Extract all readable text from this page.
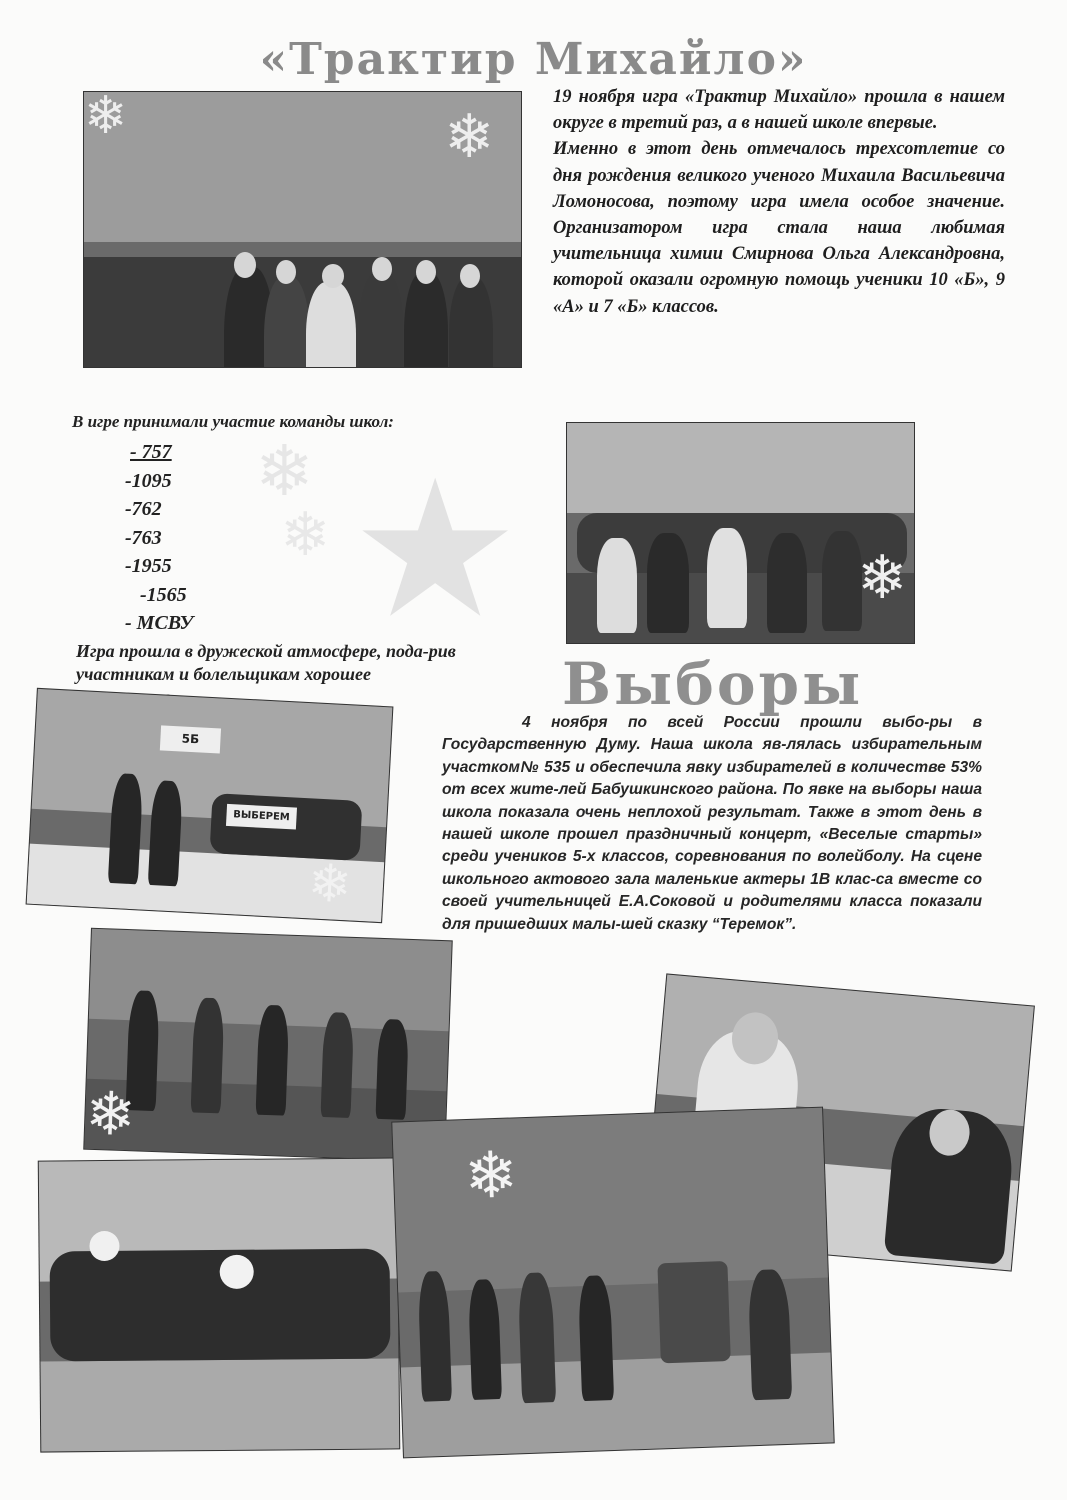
«Трактир Михайло»
❄	❄

19 ноября игра «Трактир Михайло» прошла в нашем округе в третий раз, а в нашей школе впервые.

Именно в этот день отмечалось трехсотлетие со дня рождения великого ученого Михаила Васильевича Ломоносова, поэтому игра имела особое значение. Организатором игра стала наша любимая учительница химии Смирнова Ольга Александровна, которой оказали огромную помощь ученики 10 «Б», 9 «А» и 7 «Б» классов.

В игре принимали участие команды школ:
- 757
-1095
-762
-763
-1955
-1565
- МСВУ ★
❄
❄
❄
Игра прошла в дружеской атмосфере, пода-рив участникам и болельщикам хорошее	Выборы
5Б
ВЫБЕРЕМ
❄

4 ноября по всей России прошли выбо-ры в Государственную Думу. Наша школа яв-лялась избирательным участком№ 535 и обеспечила явку избирателей в количестве 53% от всех жите-лей Бабушкинского района. По явке на выборы наша школа показала очень неплохой результат. Также в этот день в нашей школе прошел праздничный концерт, «Веселые старты» среди учеников 5-х классов, соревнования по волейболу. На сцене школьного актового зала маленькие актеры 1В клас-са вместе со своей учительницей Е.А.Соковой и родителями класса показали для пришедших малы-шей сказку “Теремок”.

❄
❄
